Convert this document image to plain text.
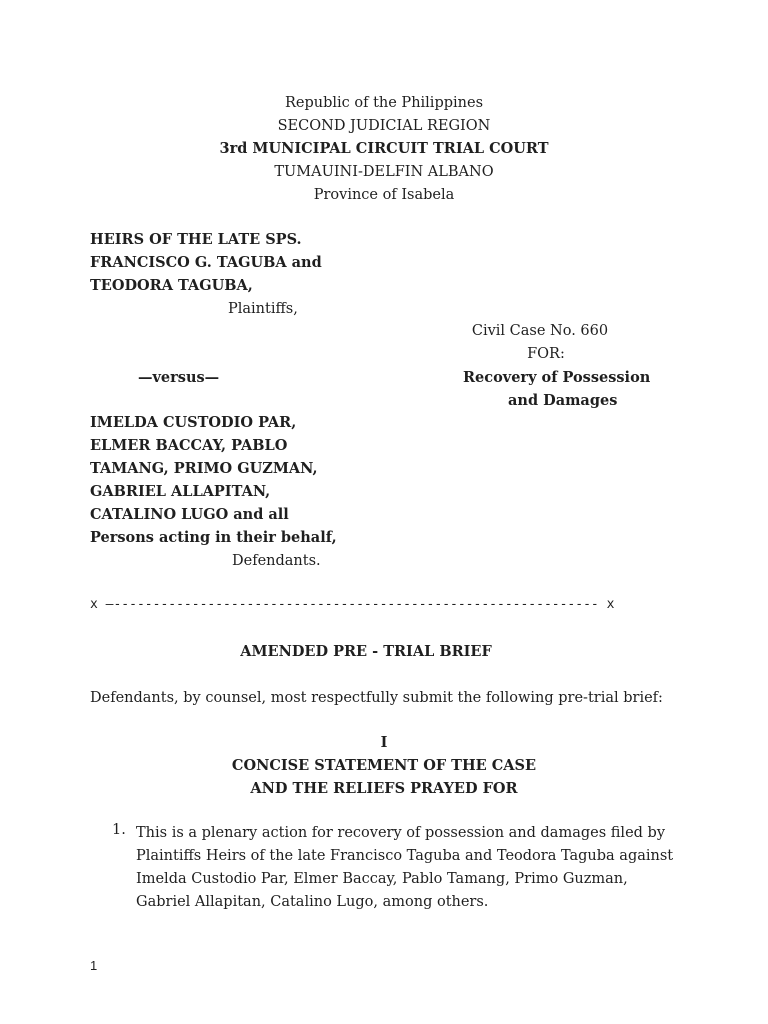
Republic of the Philippines
SECOND JUDICIAL REGION
3rd MUNICIPAL CIRCUIT TRIAL COURT
TUMAUINI-DELFIN ALBANO
Province of Isabela
HEIRS OF THE LATE SPS.
FRANCISCO G. TAGUBA and
TEODORA TAGUBA,
Plaintiffs,
Civil Case No. 660
FOR:
—versus—	Recovery of Possession
and Damages
IMELDA CUSTODIO PAR,
ELMER BACCAY, PABLO
TAMANG, PRIMO GUZMAN,
GABRIEL ALLAPITAN,
CATALINO LUGO and all
Persons acting in their behalf,
Defendants.
x —-------------------------------------------------------------- x
AMENDED PRE - TRIAL BRIEF
Defendants, by counsel, most respectfully submit the following pre-trial brief:
I
CONCISE STATEMENT OF THE CASE
AND THE RELIEFS PRAYED FOR
1. This is a plenary action for recovery of possession and damages filed by Plaintiffs Heirs of the late Francisco Taguba and Teodora Taguba against Imelda Custodio Par, Elmer Baccay, Pablo Tamang, Primo Guzman, Gabriel Allapitan, Catalino Lugo, among others.
1
